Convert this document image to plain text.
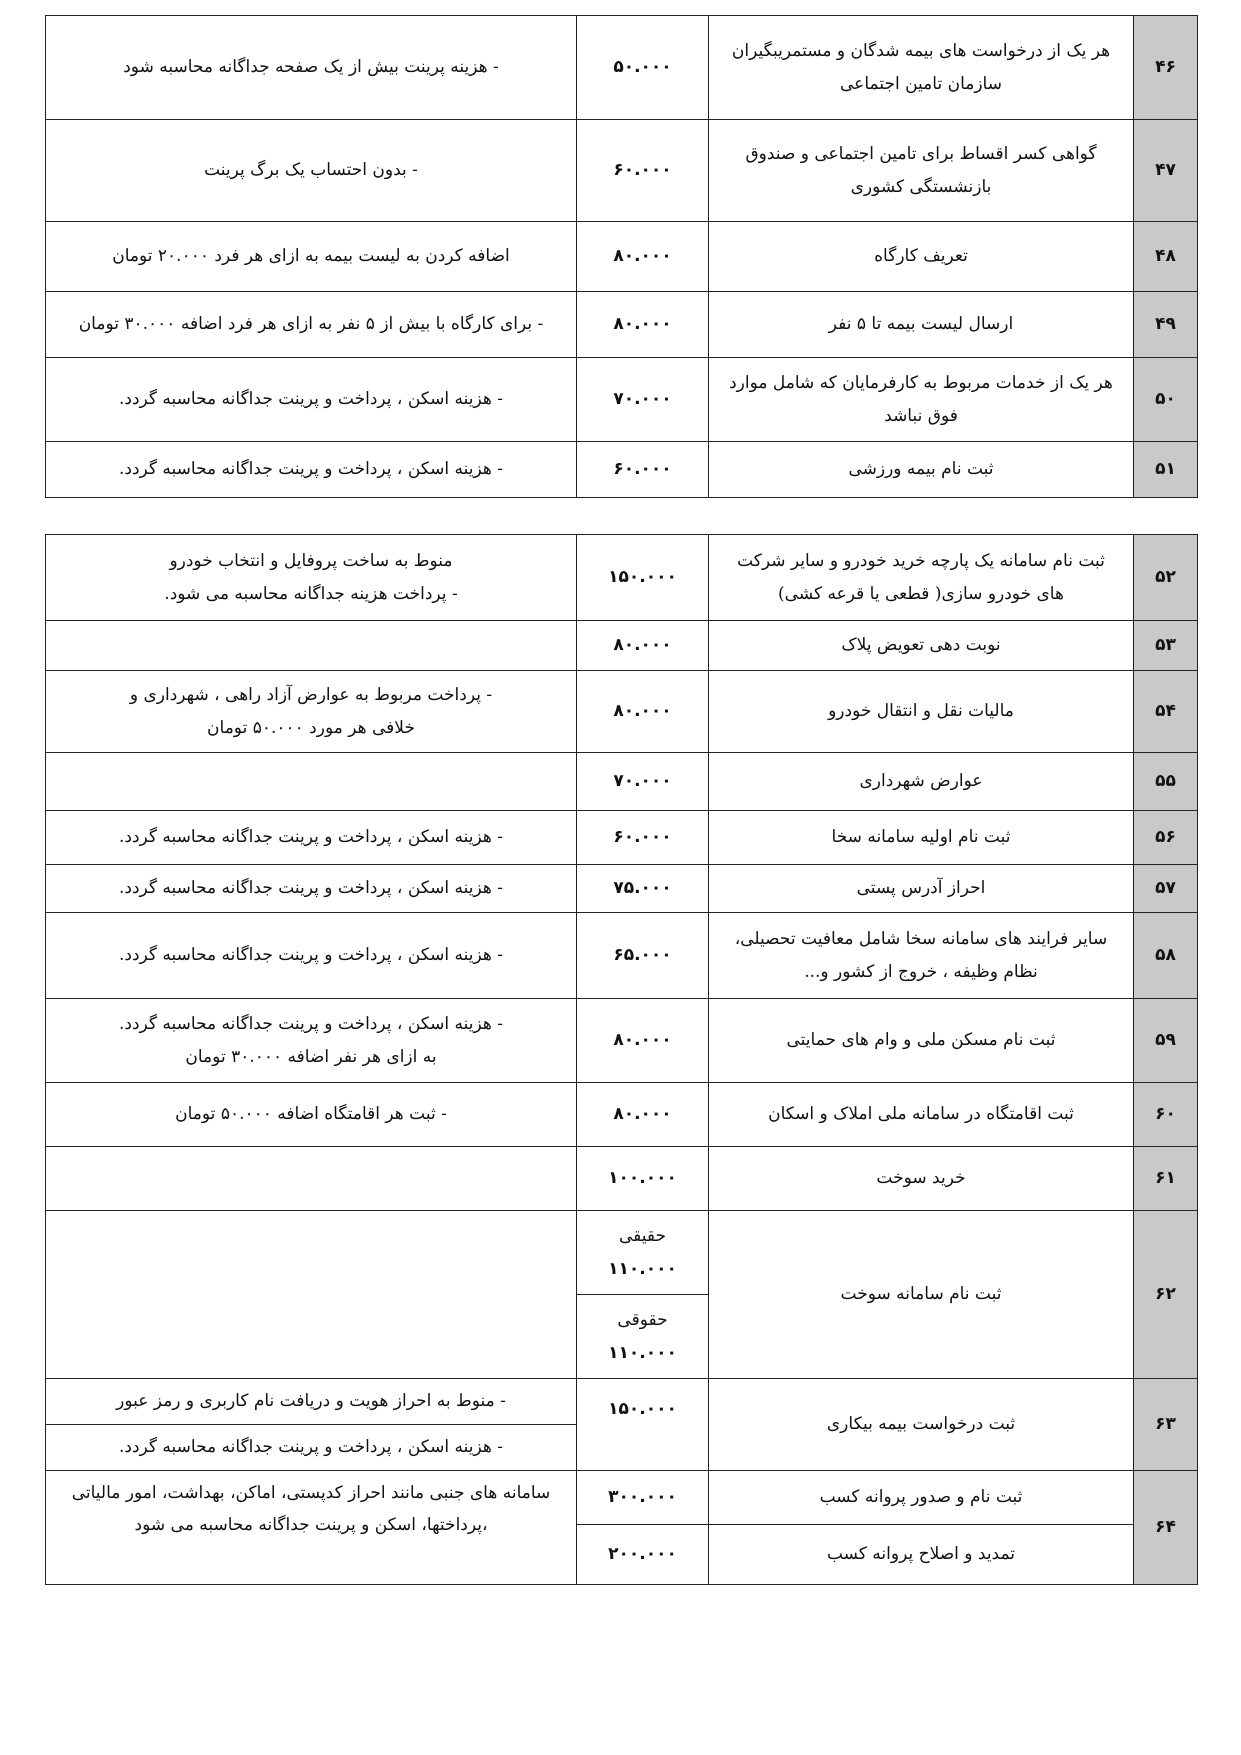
۴۶	هر یک از درخواست های بیمه شدگان و مستمریبگیران
سازمان تامین اجتماعی	۵۰.۰۰۰	- هزینه پرینت بیش از یک صفحه جداگانه محاسبه شود

۴۷	گواهی کسر اقساط برای تامین اجتماعی و صندوق
بازنشستگی کشوری	۶۰.۰۰۰	- بدون احتساب یک برگ پرینت

۴۸	تعریف کارگاه	۸۰.۰۰۰	اضافه کردن به لیست بیمه به ازای هر فرد ۲۰.۰۰۰ تومان

۴۹	ارسال لیست بیمه تا ۵ نفر	۸۰.۰۰۰	- برای کارگاه با بیش از ۵ نفر به ازای هر فرد اضافه ۳۰.۰۰۰ تومان

۵۰	هر یک از خدمات مربوط به کارفرمایان که شامل موارد
فوق نباشد	۷۰.۰۰۰	- هزینه اسکن ، پرداخت و پرینت جداگانه محاسبه گردد.

۵۱	ثبت نام بیمه ورزشی	۶۰.۰۰۰	- هزینه اسکن ، پرداخت و پرینت جداگانه محاسبه گردد.
۵۲	ثبت نام سامانه یک پارچه خرید خودرو و سایر شرکت
های خودرو سازی( قطعی یا قرعه کشی)	۱۵۰.۰۰۰	منوط به ساخت پروفایل و انتخاب خودرو
- پرداخت هزینه جداگانه محاسبه می شود.

۵۳	نوبت دهی تعویض پلاک	۸۰.۰۰۰	
۵۴	مالیات نقل و انتقال خودرو	۸۰.۰۰۰	- پرداخت مربوط به عوارض آزاد راهی ، شهرداری و
خلافی هر مورد ۵۰.۰۰۰ تومان

۵۵	عوارض شهرداری	۷۰.۰۰۰	
۵۶	ثبت نام اولیه سامانه سخا	۶۰.۰۰۰	- هزینه اسکن ، پرداخت و پرینت جداگانه محاسبه گردد.
۵۷	احراز آدرس پستی	۷۵.۰۰۰	- هزینه اسکن ، پرداخت و پرینت جداگانه محاسبه گردد.
۵۸	سایر فرایند های سامانه سخا شامل معافیت تحصیلی،
نظام وظیفه ، خروج از کشور و...	۶۵.۰۰۰	- هزینه اسکن ، پرداخت و پرینت جداگانه محاسبه گردد.
۵۹	ثبت نام مسکن ملی و وام های حمایتی	۸۰.۰۰۰	- هزینه اسکن ، پرداخت و پرینت جداگانه محاسبه گردد.
به ازای هر نفر اضافه ۳۰.۰۰۰ تومان

۶۰	ثبت اقامتگاه در سامانه ملی املاک و اسکان	۸۰.۰۰۰	- ثبت هر اقامتگاه اضافه ۵۰.۰۰۰ تومان
۶۱	خرید سوخت	۱۰۰.۰۰۰	
۶۲	ثبت نام سامانه سوخت	حقیقی
۱۱۰.۰۰۰	

		حقوقی
۱۱۰.۰۰۰	

۶۳	ثبت درخواست بیمه بیکاری	۱۵۰.۰۰۰	- منوط به احراز هویت و دریافت نام کاربری و رمز عبور
			- هزینه اسکن ، پرداخت و پرینت جداگانه محاسبه گردد.
۶۴	ثبت نام و صدور پروانه کسب	۳۰۰.۰۰۰	سامانه های جنبی مانند احراز کدپستی، اماکن، بهداشت، امور مالیاتی
،پرداختها، اسکن و پرینت جداگانه محاسبه می شود

	تمدید و اصلاح پروانه کسب	۲۰۰.۰۰۰	
